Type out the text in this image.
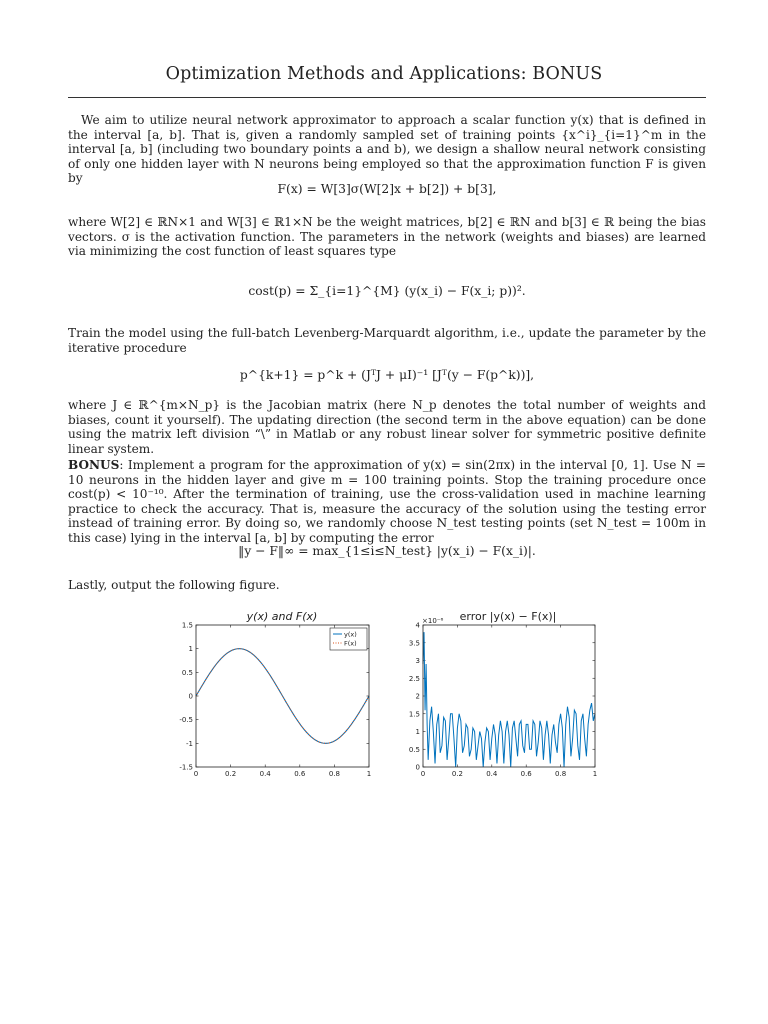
Optimization Methods and Applications: BONUS
We aim to utilize neural network approximator to approach a scalar function y(x) that is defined in the interval [a, b]. That is, given a randomly sampled set of training points {x^i}_{i=1}^m in the interval [a, b] (including two boundary points a and b), we design a shallow neural network consisting of only one hidden layer with N neurons being employed so that the approximation function F is given by
F(x) = W[3]σ(W[2]x + b[2]) + b[3],
where W[2] ∈ ℝN×1 and W[3] ∈ ℝ1×N be the weight matrices, b[2] ∈ ℝN and b[3] ∈ ℝ being the bias vectors. σ is the activation function. The parameters in the network (weights and biases) are learned via minimizing the cost function of least squares type
cost(p) = Σ_{i=1}^{M} (y(x_i) − F(x_i; p))².
Train the model using the full-batch Levenberg-Marquardt algorithm, i.e., update the parameter by the iterative procedure
p^{k+1} = p^k + (JᵀJ + μI)⁻¹ [Jᵀ(y − F(p^k))],
where J ∈ ℝ^{m×N_p} is the Jacobian matrix (here N_p denotes the total number of weights and biases, count it yourself). The updating direction (the second term in the above equation) can be done using the matrix left division “\” in Matlab or any robust linear solver for symmetric positive definite linear system.
BONUS: Implement a program for the approximation of y(x) = sin(2πx) in the interval [0, 1]. Use N = 10 neurons in the hidden layer and give m = 100 training points. Stop the training procedure once cost(p) < 10⁻¹⁰. After the termination of training, use the cross-validation used in machine learning practice to check the accuracy. That is, measure the accuracy of the solution using the testing error instead of training error. By doing so, we randomly choose N_test testing points (set N_test = 100m in this case) lying in the interval [a, b] by computing the error
‖y − F‖∞ = max_{1≤i≤N_test} |y(x_i) − F(x_i)|.
Lastly, output the following figure.
y(x) and F(x)
0	0.2	0.4	0.6	0.8	1
1.5
1
0.5
0
-0.5
-1
-1.5
y(x)
F(x)
error |y(x) − F(x)|
×10⁻⁶
0	0.2	0.4	0.6	0.8	1
4
3.5
3
2.5
2
1.5
1
0.5
0
